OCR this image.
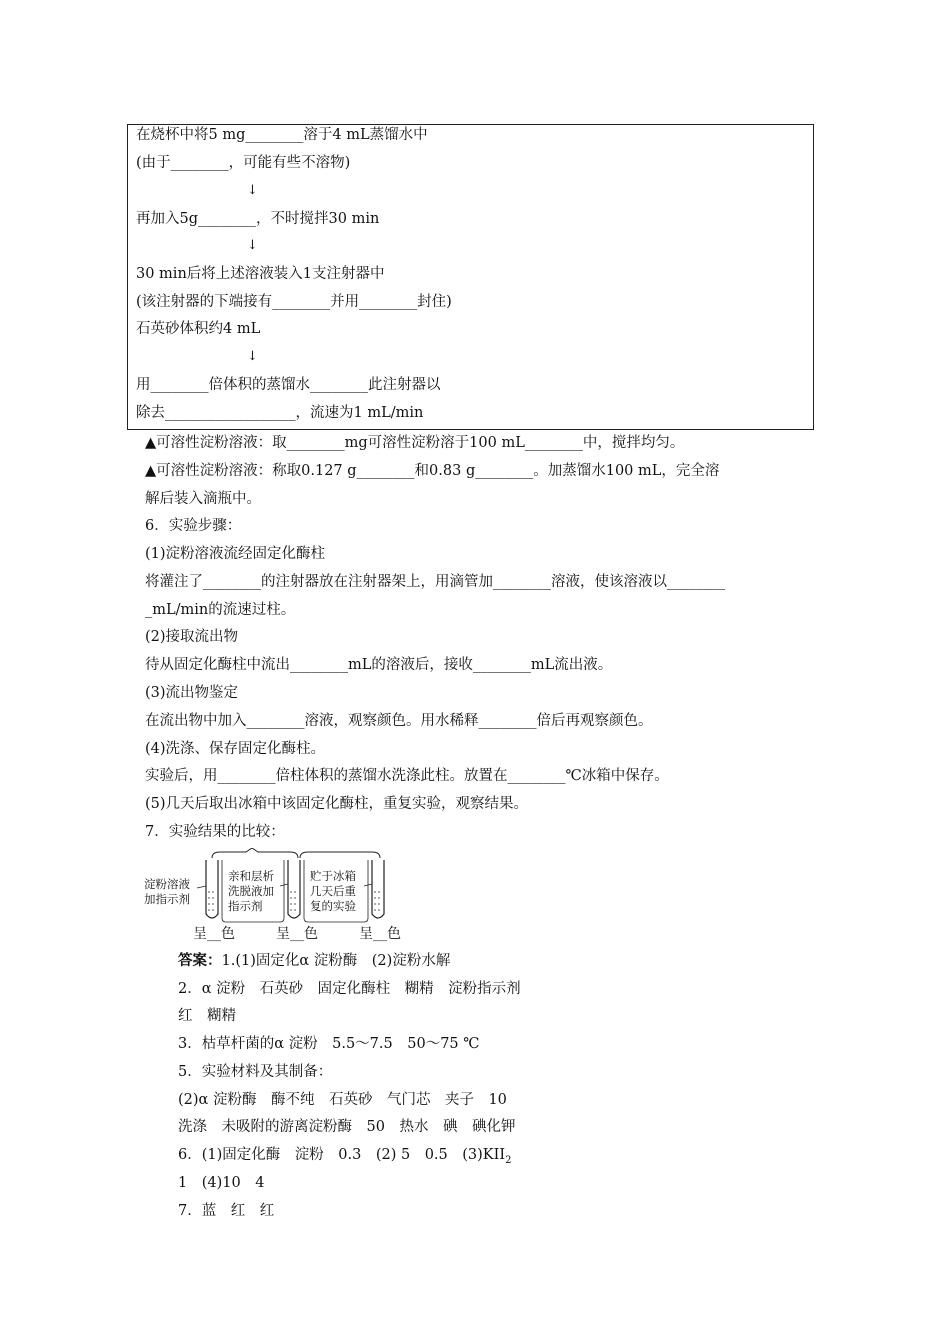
在烧杯中将5 mg________溶于4 mL蒸馏水中
(由于________，可能有些不溶物)
↓
再加入5g________，不时搅拌30 min
↓
30 min后将上述溶液装入1支注射器中
(该注射器的下端接有________并用________封住)
石英砂体积约4 mL
↓
用________倍体积的蒸馏水________此注射器以
除去__________________，流速为1 mL/min
▲可溶性淀粉溶液：取________mg可溶性淀粉溶于100 mL________中，搅拌均匀。
▲可溶性淀粉溶液：称取0.127 g________和0.83 g________。加蒸馏水100 mL，完全溶
解后装入滴瓶中。
6．实验步骤：
(1)淀粉溶液流经固定化酶柱
将灌注了________的注射器放在注射器架上，用滴管加________溶液，使该溶液以________
_mL/min的流速过柱。
(2)接取流出物
待从固定化酶柱中流出________mL的溶液后，接收________mL流出液。
(3)流出物鉴定
在流出物中加入________溶液，观察颜色。用水稀释________倍后再观察颜色。
(4)洗涤、保存固定化酶柱。
实验后，用________倍柱体积的蒸馏水洗涤此柱。放置在________℃冰箱中保存。
(5)几天后取出冰箱中该固定化酶柱，重复实验，观察结果。
7．实验结果的比较：
淀粉溶液
加指示剂
亲和层析
洗脱液加
指示剂
贮于冰箱
几天后重
复的实验
呈__色	呈__色	呈__色
答案：1.(1)固定化α 淀粉酶　(2)淀粉水解
2．α 淀粉　石英砂　固定化酶柱　糊精　淀粉指示剂
红　糊精
3．枯草杆菌的α 淀粉　5.5～7.5　50～75 ℃
5．实验材料及其制备：
(2)α 淀粉酶　酶不纯　石英砂　气门芯　夹子　10
洗涤　未吸附的游离淀粉酶　50　热水　碘　碘化钾
6．(1)固定化酶　淀粉　0.3　(2) 5　0.5　$(3)KII_2$
1　(4)10　4
7．蓝　红　红
